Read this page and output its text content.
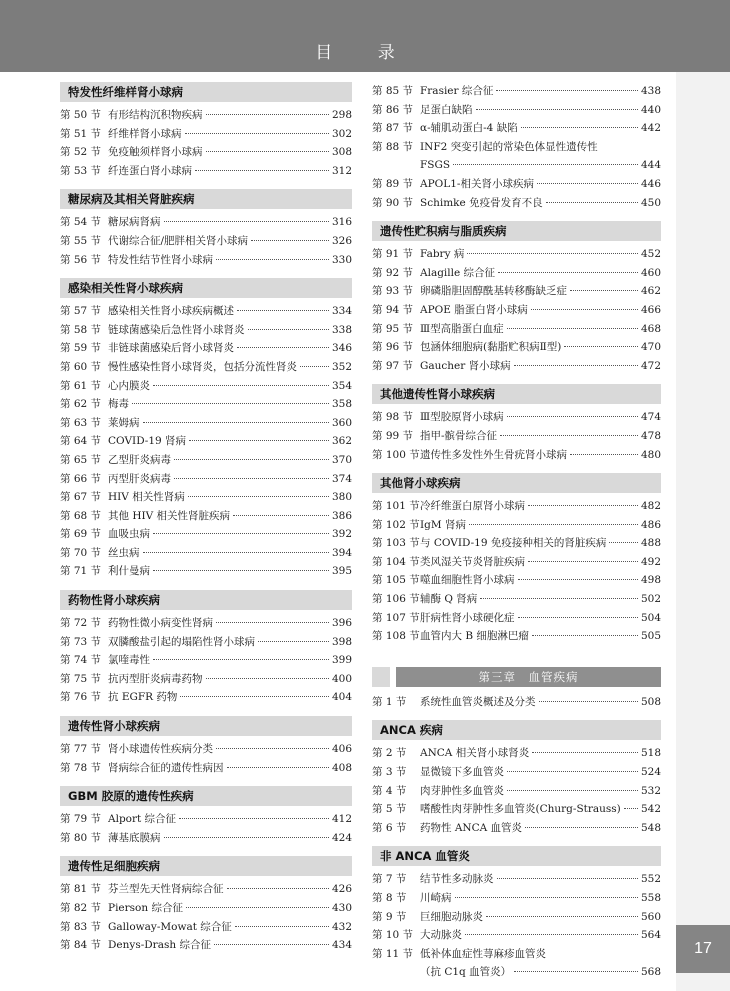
目 录
17
特发性纤维样肾小球病
第 50 节 有形结构沉积物疾病	298
第 51 节 纤维样肾小球病	302
第 52 节 免疫触须样肾小球病	308
第 53 节 纤连蛋白肾小球病	312
糖尿病及其相关肾脏疾病
第 54 节 糖尿病肾病	316
第 55 节 代谢综合征/肥胖相关肾小球病	326
第 56 节 特发性结节性肾小球病	330
感染相关性肾小球疾病
第 57 节 感染相关性肾小球疾病概述	334
第 58 节 链球菌感染后急性肾小球肾炎	338
第 59 节 非链球菌感染后肾小球肾炎	346
第 60 节 慢性感染性肾小球肾炎，包括分流性肾炎	352
第 61 节 心内膜炎	354
第 62 节 梅毒	358
第 63 节 莱姆病	360
第 64 节 COVID-19 肾病	362
第 65 节 乙型肝炎病毒	370
第 66 节 丙型肝炎病毒	374
第 67 节 HIV 相关性肾病	380
第 68 节 其他 HIV 相关性肾脏疾病	386
第 69 节 血吸虫病	392
第 70 节 丝虫病	394
第 71 节 利什曼病	395
药物性肾小球疾病
第 72 节 药物性微小病变性肾病	396
第 73 节 双膦酸盐引起的塌陷性肾小球病	398
第 74 节 氯喹毒性	399
第 75 节 抗丙型肝炎病毒药物	400
第 76 节 抗 EGFR 药物	404
遗传性肾小球疾病
第 77 节 肾小球遗传性疾病分类	406
第 78 节 肾病综合征的遗传性病因	408
GBM 胶原的遗传性疾病
第 79 节 Alport 综合征	412
第 80 节 薄基底膜病	424
遗传性足细胞疾病
第 81 节 芬兰型先天性肾病综合征	426
第 82 节 Pierson 综合征	430
第 83 节 Galloway-Mowat 综合征	432
第 84 节 Denys-Drash 综合征	434
第 85 节 Frasier 综合征	438
第 86 节 足蛋白缺陷	440
第 87 节 α-辅肌动蛋白-4 缺陷	442
第 88 节 INF2 突变引起的常染色体显性遗传性
FSGS	444
第 89 节 APOL1-相关肾小球疾病	446
第 90 节 Schimke 免疫骨发育不良	450
遗传性贮积病与脂质疾病
第 91 节 Fabry 病	452
第 92 节 Alagille 综合征	460
第 93 节 卵磷脂胆固醇酰基转移酶缺乏症	462
第 94 节 APOE 脂蛋白肾小球病	466
第 95 节 Ⅲ型高脂蛋白血症	468
第 96 节 包涵体细胞病(黏脂贮积病Ⅱ型)	470
第 97 节 Gaucher 肾小球病	472
其他遗传性肾小球疾病
第 98 节 Ⅲ型胶原肾小球病	474
第 99 节 指甲-髌骨综合征	478
第 100 节 遗传性多发性外生骨疣肾小球病	480
其他肾小球疾病
第 101 节 冷纤维蛋白原肾小球病	482
第 102 节 IgM 肾病	486
第 103 节 与 COVID-19 免疫接种相关的肾脏疾病	488
第 104 节 类风湿关节炎肾脏疾病	492
第 105 节 噬血细胞性肾小球病	498
第 106 节 辅酶 Q 肾病	502
第 107 节 肝病性肾小球硬化症	504
第 108 节 血管内大 B 细胞淋巴瘤	505
第三章　血管疾病
第 1 节	系统性血管炎概述及分类	508
ANCA 疾病
第 2 节	ANCA 相关肾小球肾炎	518
第 3 节	显微镜下多血管炎	524
第 4 节	肉芽肿性多血管炎	532
第 5 节	嗜酸性肉芽肿性多血管炎(Churg-Strauss) 542
第 6 节	药物性 ANCA 血管炎	548
非 ANCA 血管炎
第 7 节	结节性多动脉炎	552
第 8 节	川崎病	558
第 9 节	巨细胞动脉炎	560
第 10 节 大动脉炎	564
第 11 节 低补体血症性荨麻疹血管炎
（抗 C1q 血管炎）	568
